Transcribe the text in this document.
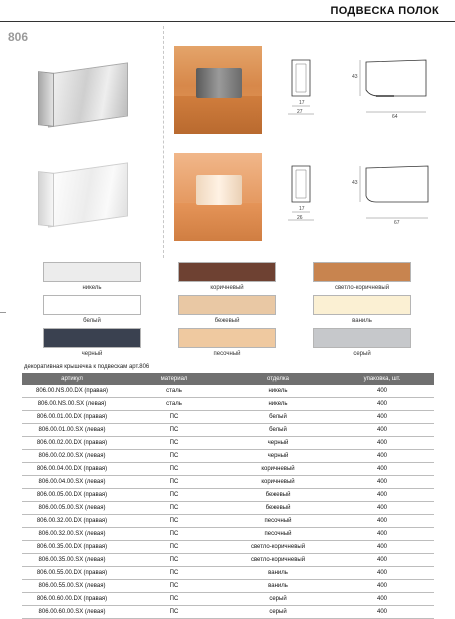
ПОДВЕСКА ПОЛОК
806
17
27
43
64
17
26
43
67
никель	коричневый	светло-коричневый
белый	бежевый	ваниль
черный	песочный	серый
декоративная крышечка к подвескам арт.806
артикул	материал	отделка	упаковка, шт.
806.00.NS.00.DX (правая)	сталь	никель	400
806.00.NS.00.SX (левая)	сталь	никель	400
806.00.01.00.DX (правая)	ПС	белый	400
806.00.01.00.SX (левая)	ПС	белый	400
806.00.02.00.DX (правая)	ПС	черный	400
806.00.02.00.SX (левая)	ПС	черный	400
806.00.04.00.DX (правая)	ПС	коричневый	400
806.00.04.00.SX (левая)	ПС	коричневый	400
806.00.05.00.DX (правая)	ПС	бежевый	400
806.00.05.00.SX (левая)	ПС	бежевый	400
806.00.32.00.DX (правая)	ПС	песочный	400
806.00.32.00.SX (левая)	ПС	песочный	400
806.00.35.00.DX (правая)	ПС	светло-коричневый	400
806.00.35.00.SX (левая)	ПС	светло-коричневый	400
806.00.55.00.DX (правая)	ПС	ваниль	400
806.00.55.00.SX (левая)	ПС	ваниль	400
806.00.60.00.DX (правая)	ПС	серый	400
806.00.60.00.SX (левая)	ПС	серый	400
